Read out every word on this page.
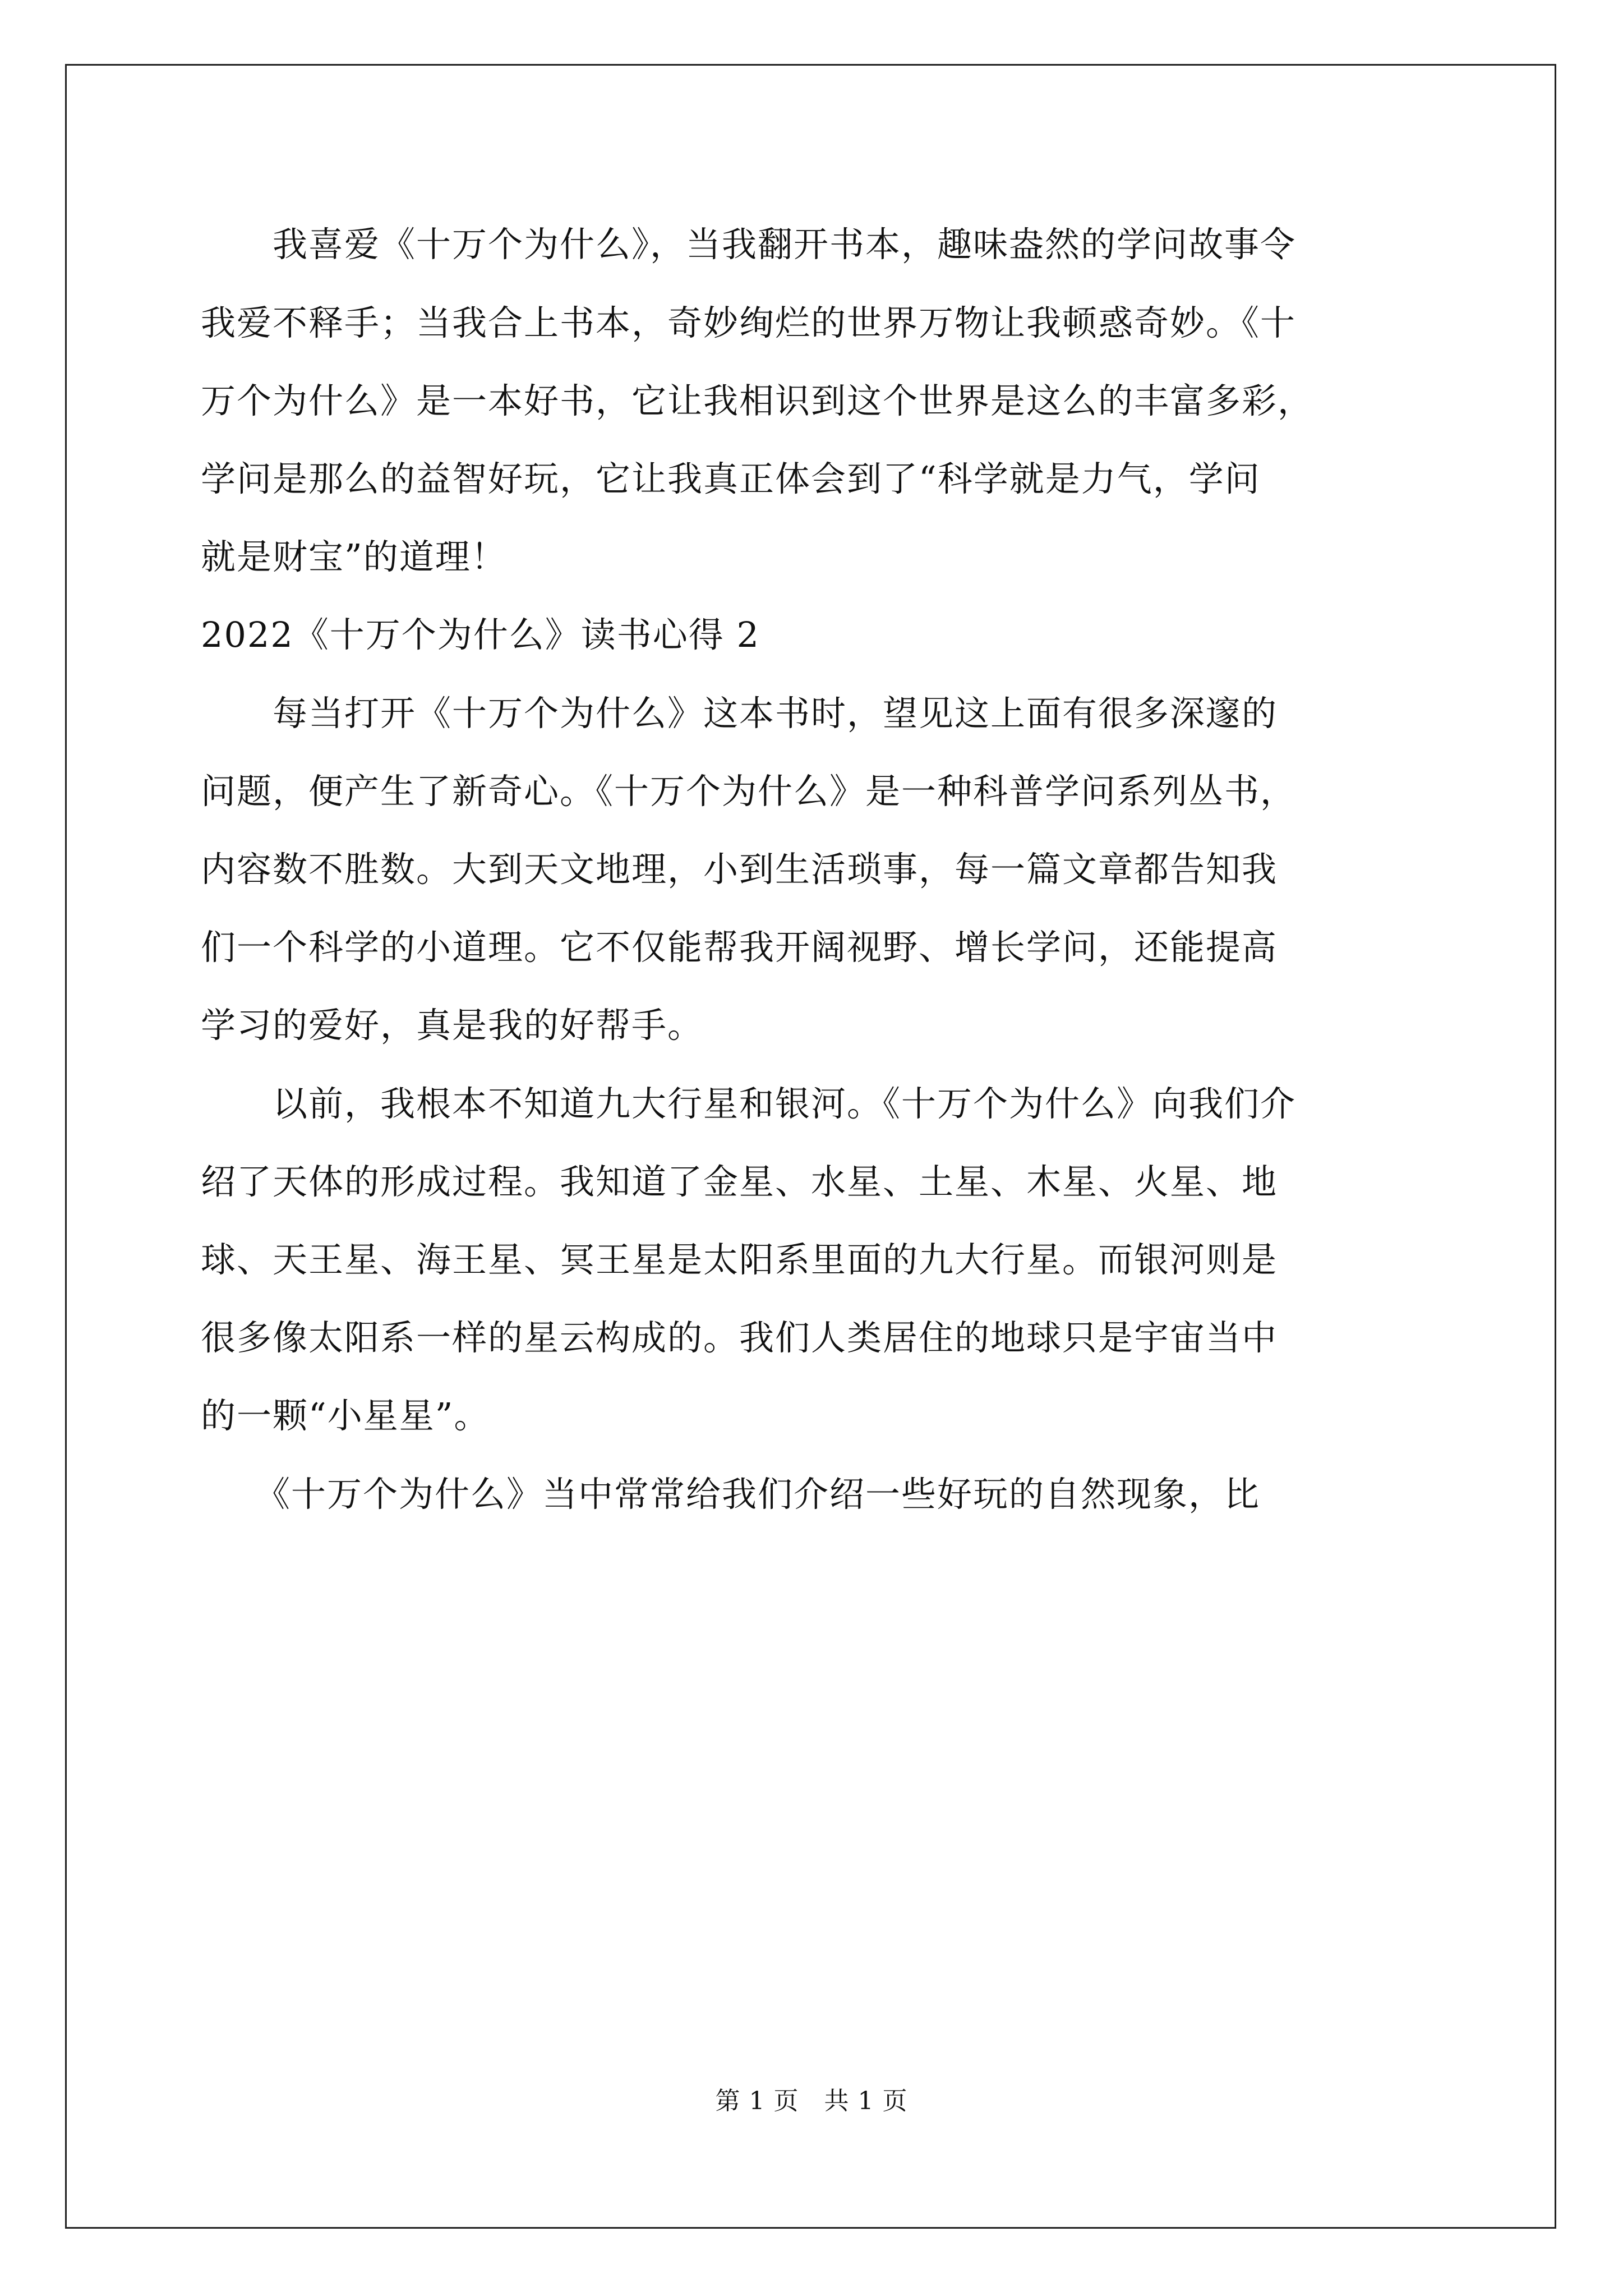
　　我喜爱《十万个为什么》，当我翻开书本，趣味盎然的学问故事令
我爱不释手；当我合上书本，奇妙绚烂的世界万物让我顿惑奇妙。《十
万个为什么》是一本好书，它让我相识到这个世界是这么的丰富多彩，
学问是那么的益智好玩，它让我真正体会到了“科学就是力气，学问
就是财宝”的道理！
2022《十万个为什么》读书心得 2
　　每当打开《十万个为什么》这本书时，望见这上面有很多深邃的
问题，便产生了新奇心。《十万个为什么》是一种科普学问系列丛书，
内容数不胜数。大到天文地理，小到生活琐事，每一篇文章都告知我
们一个科学的小道理。它不仅能帮我开阔视野、增长学问，还能提高
学习的爱好，真是我的好帮手。
　　以前，我根本不知道九大行星和银河。《十万个为什么》向我们介
绍了天体的形成过程。我知道了金星、水星、土星、木星、火星、地
球、天王星、海王星、冥王星是太阳系里面的九大行星。而银河则是
很多像太阳系一样的星云构成的。我们人类居住的地球只是宇宙当中
的一颗“小星星”。
　　《十万个为什么》当中常常给我们介绍一些好玩的自然现象，比
第 1 页　共 1 页
